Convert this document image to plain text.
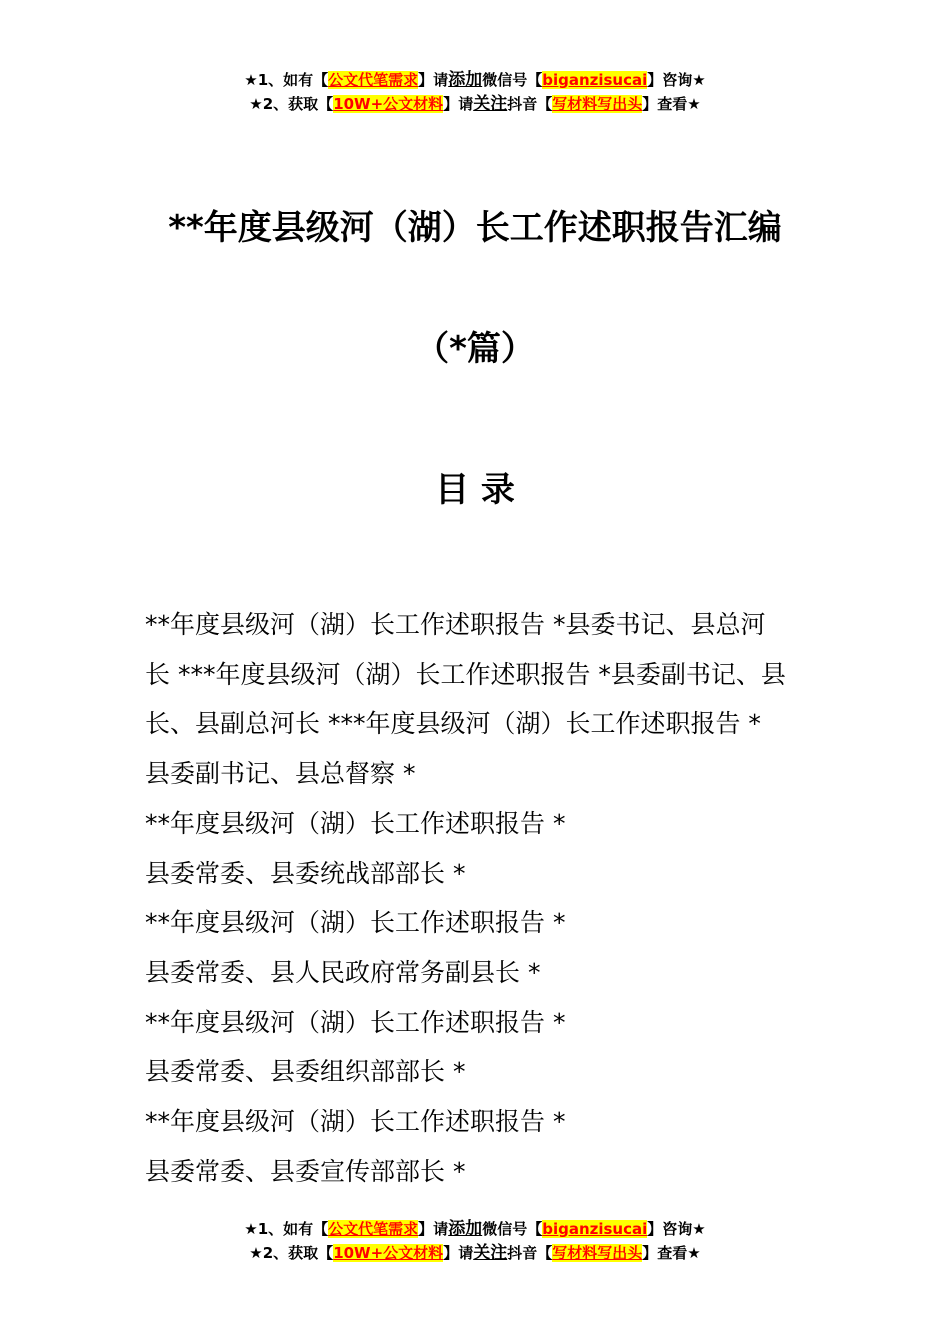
★1、如有【公文代笔需求】请添加微信号【biganzisucai】咨询★
★2、获取【10W+公文材料】请关注抖音【写材料写出头】查看★
**年度县级河（湖）长工作述职报告汇编
（*篇）
目 录

**年度县级河（湖）长工作述职报告 *县委书记、县总河

长 ***年度县级河（湖）长工作述职报告 *县委副书记、县

长、县副总河长 ***年度县级河（湖）长工作述职报告 *

县委副书记、县总督察 *

**年度县级河（湖）长工作述职报告 *

县委常委、县委统战部部长 *

**年度县级河（湖）长工作述职报告 *

县委常委、县人民政府常务副县长 *

**年度县级河（湖）长工作述职报告 *

县委常委、县委组织部部长 *

**年度县级河（湖）长工作述职报告 *

县委常委、县委宣传部部长 *

★1、如有【公文代笔需求】请添加微信号【biganzisucai】咨询★
★2、获取【10W+公文材料】请关注抖音【写材料写出头】查看★
